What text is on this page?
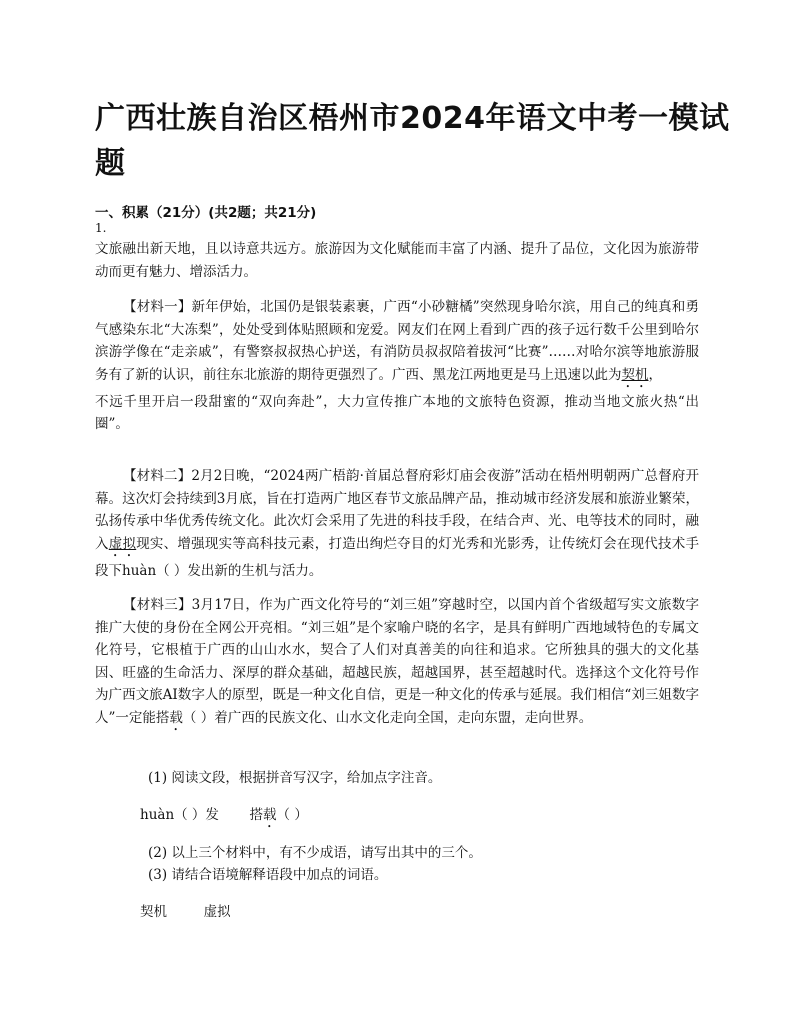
广西壮族自治区梧州市2024年语文中考一模试题
一、积累（21分）(共2题；共21分)
1.

文旅融出新天地，且以诗意共远方。旅游因为文化赋能而丰富了内涵、提升了品位，文化因为旅游带动而更有魅力、增添活力。

【材料一】新年伊始，北国仍是银装素裹，广西“小砂糖橘”突然现身哈尔滨，用自己的纯真和勇气感染东北“大冻梨”，处处受到体贴照顾和宠爱。网友们在网上看到广西的孩子远行数千公里到哈尔滨游学像在“走亲戚”，有警察叔叔热心护送，有消防员叔叔陪着拔河“比赛”……对哈尔滨等地旅游服务有了新的认识，前往东北旅游的期待更强烈了。广西、黑龙江两地更是马上迅速以此为契机，
不远千里开启一段甜蜜的“双向奔赴”，大力宣传推广本地的文旅特色资源，推动当地文旅火热“出圈”。

【材料二】2月2日晚，“2024两广梧韵·首届总督府彩灯庙会夜游”活动在梧州明朝两广总督府开幕。这次灯会持续到3月底，旨在打造两广地区春节文旅品牌产品，推动城市经济发展和旅游业繁荣，弘扬传承中华优秀传统文化。此次灯会采用了先进的科技手段，在结合声、光、电等技术的同时，融入虚拟现实、增强现实等高科技元素，打造出绚烂夺目的灯光秀和光影秀，让传统灯会在现代技术手段下huàn（ ）发出新的生机与活力。

【材料三】3月17日，作为广西文化符号的“刘三姐”穿越时空，以国内首个省级超写实文旅数字推广大使的身份在全网公开亮相。“刘三姐”是个家喻户晓的名字，是具有鲜明广西地域特色的专属文化符号，它根植于广西的山山水水，契合了人们对真善美的向往和追求。它所独具的强大的文化基因、旺盛的生命活力、深厚的群众基础，超越民族，超越国界，甚至超越时代。选择这个文化符号作为广西文旅AI数字人的原型，既是一种文化自信，更是一种文化的传承与延展。我们相信“刘三姐数字人”一定能搭载（ ）着广西的民族文化、山水文化走向全国，走向东盟，走向世界。

(1) 阅读文段，根据拼音写汉字，给加点字注音。
huàn（ ）发 搭载（ ）
(2) 以上三个材料中，有不少成语，请写出其中的三个。
(3) 请结合语境解释语段中加点的词语。
契机	虚拟
